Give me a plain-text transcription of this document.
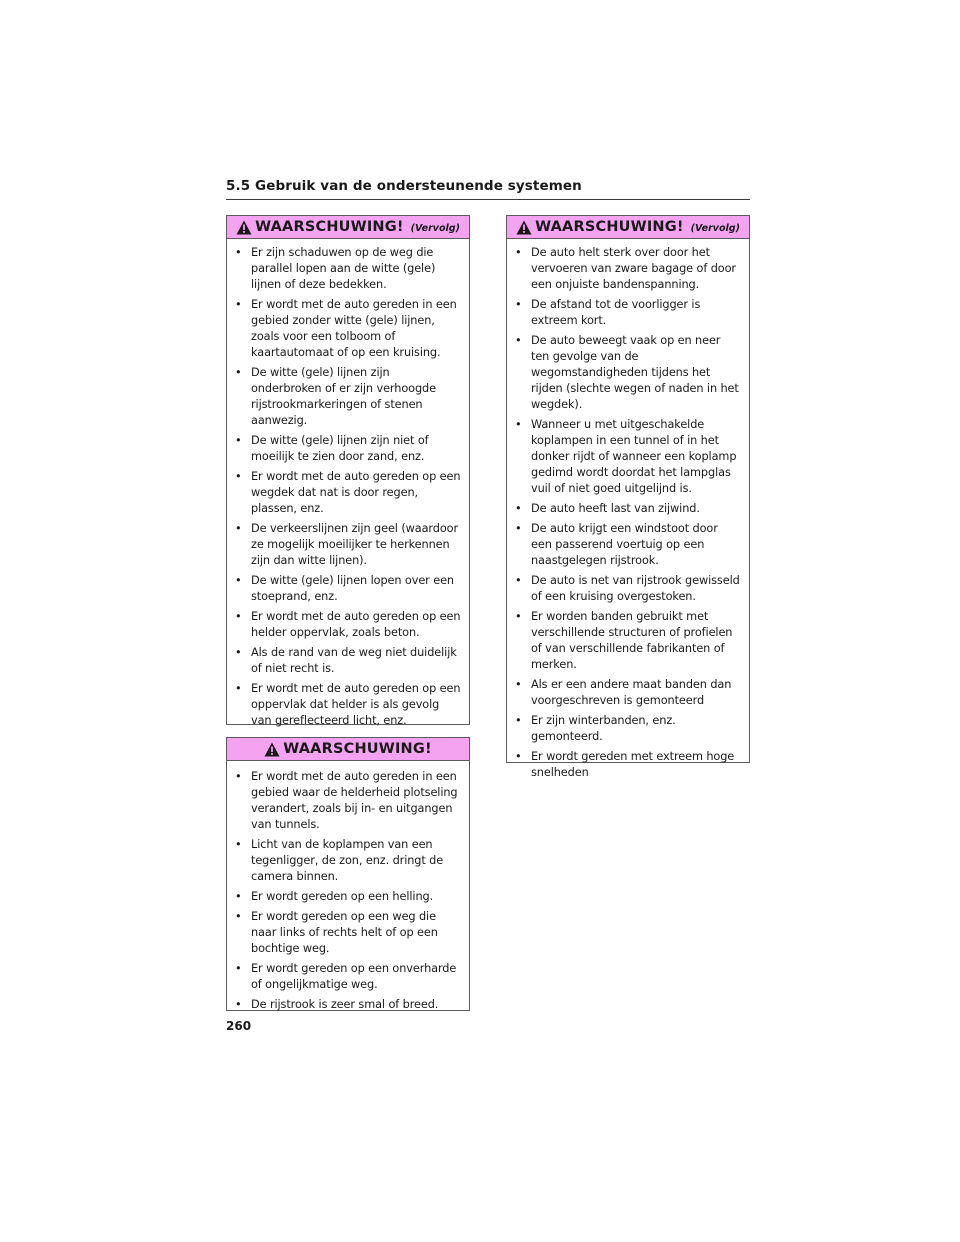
5.5 Gebruik van de ondersteunende systemen
WAARSCHUWING! (Vervolg)
• Er zijn schaduwen op de weg die parallel lopen aan de witte (gele) lijnen of deze bedekken.
• Er wordt met de auto gereden in een gebied zonder witte (gele) lijnen, zoals voor een tolboom of kaartautomaat of op een kruising.
• De witte (gele) lijnen zijn onderbroken of er zijn verhoogde rijstrookmarkeringen of stenen aanwezig.
• De witte (gele) lijnen zijn niet of moeilijk te zien door zand, enz.
• Er wordt met de auto gereden op een wegdek dat nat is door regen, plassen, enz.
• De verkeerslijnen zijn geel (waardoor ze mogelijk moeilijker te herkennen zijn dan witte lijnen).
• De witte (gele) lijnen lopen over een stoeprand, enz.
• Er wordt met de auto gereden op een helder oppervlak, zoals beton.
• Als de rand van de weg niet duidelijk of niet recht is.
• Er wordt met de auto gereden op een oppervlak dat helder is als gevolg van gereflecteerd licht, enz.
WAARSCHUWING!
• Er wordt met de auto gereden in een gebied waar de helderheid plotseling verandert, zoals bij in- en uitgangen van tunnels.
• Licht van de koplampen van een tegenligger, de zon, enz. dringt de camera binnen.
• Er wordt gereden op een helling.
• Er wordt gereden op een weg die naar links of rechts helt of op een bochtige weg.
• Er wordt gereden op een onverharde of ongelijkmatige weg.
• De rijstrook is zeer smal of breed.
WAARSCHUWING! (Vervolg)
• De auto helt sterk over door het vervoeren van zware bagage of door een onjuiste bandenspanning.
• De afstand tot de voorligger is extreem kort.
• De auto beweegt vaak op en neer ten gevolge van de wegomstandigheden tijdens het rijden (slechte wegen of naden in het wegdek).
• Wanneer u met uitgeschakelde koplampen in een tunnel of in het donker rijdt of wanneer een koplamp gedimd wordt doordat het lampglas vuil of niet goed uitgelijnd is.
• De auto heeft last van zijwind.
• De auto krijgt een windstoot door een passerend voertuig op een naastgelegen rijstrook.
• De auto is net van rijstrook gewisseld of een kruising overgestoken.
• Er worden banden gebruikt met verschillende structuren of profielen of van verschillende fabrikanten of merken.
• Als er een andere maat banden dan voorgeschreven is gemonteerd
• Er zijn winterbanden, enz. gemonteerd.
• Er wordt gereden met extreem hoge snelheden
260
